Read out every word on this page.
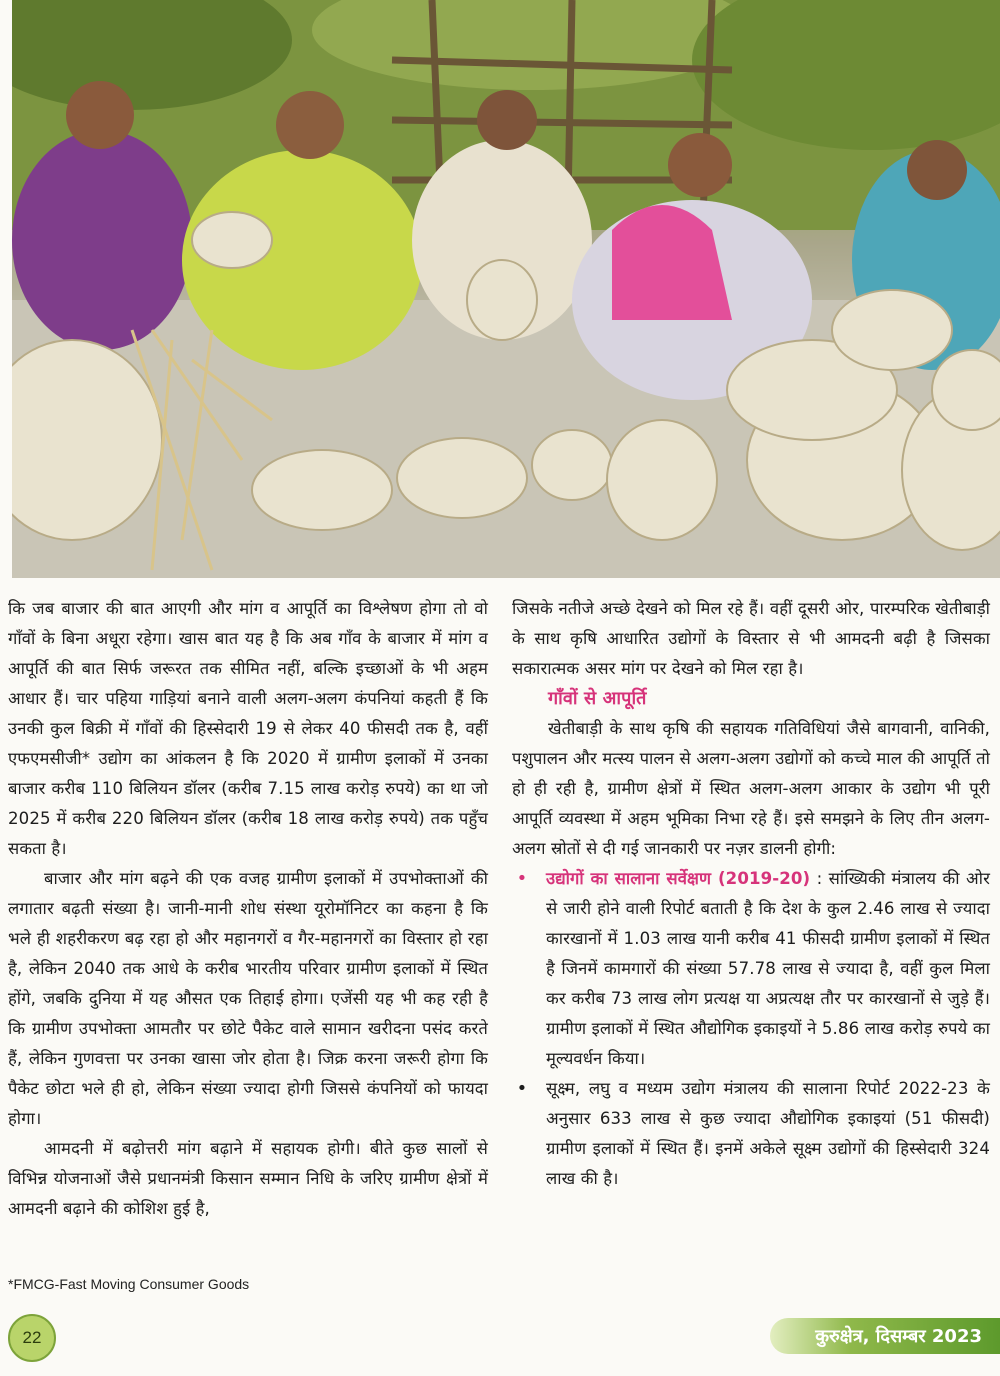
कि जब बाजार की बात आएगी और मांग व आपूर्ति का विश्लेषण होगा तो वो गाँवों के बिना अधूरा रहेगा। खास बात यह है कि अब गाँव के बाजार में मांग व आपूर्ति की बात सिर्फ जरूरत तक सीमित नहीं, बल्कि इच्छाओं के भी अहम आधार हैं। चार पहिया गाड़ियां बनाने वाली अलग-अलग कंपनियां कहती हैं कि उनकी कुल बिक्री में गाँवों की हिस्सेदारी 19 से लेकर 40 फीसदी तक है, वहीं एफएमसीजी* उद्योग का आंकलन है कि 2020 में ग्रामीण इलाकों में उनका बाजार करीब 110 बिलियन डॉलर (करीब 7.15 लाख करोड़ रुपये) का था जो 2025 में करीब 220 बिलियन डॉलर (करीब 18 लाख करोड़ रुपये) तक पहुँच सकता है।

बाजार और मांग बढ़ने की एक वजह ग्रामीण इलाकों में उपभोक्ताओं की लगातार बढ़ती संख्या है। जानी-मानी शोध संस्था यूरोमॉनिटर का कहना है कि भले ही शहरीकरण बढ़ रहा हो और महानगरों व गैर-महानगरों का विस्तार हो रहा है, लेकिन 2040 तक आधे के करीब भारतीय परिवार ग्रामीण इलाकों में स्थित होंगे, जबकि दुनिया में यह औसत एक तिहाई होगा। एजेंसी यह भी कह रही है कि ग्रामीण उपभोक्ता आमतौर पर छोटे पैकेट वाले सामान खरीदना पसंद करते हैं, लेकिन गुणवत्ता पर उनका खासा जोर होता है। जिक्र करना जरूरी होगा कि पैकेट छोटा भले ही हो, लेकिन संख्या ज्यादा होगी जिससे कंपनियों को फायदा होगा।

आमदनी में बढ़ोत्तरी मांग बढ़ाने में सहायक होगी। बीते कुछ सालों से विभिन्न योजनाओं जैसे प्रधानमंत्री किसान सम्मान निधि के जरिए ग्रामीण क्षेत्रों में आमदनी बढ़ाने की कोशिश हुई है,

*FMCG-Fast Moving Consumer Goods

जिसके नतीजे अच्छे देखने को मिल रहे हैं। वहीं दूसरी ओर, पारम्परिक खेतीबाड़ी के साथ कृषि आधारित उद्योगों के विस्तार से भी आमदनी बढ़ी है जिसका सकारात्मक असर मांग पर देखने को मिल रहा है।

गाँवों से आपूर्ति

खेतीबाड़ी के साथ कृषि की सहायक गतिविधियां जैसे बागवानी, वानिकी, पशुपालन और मत्स्य पालन से अलग-अलग उद्योगों को कच्चे माल की आपूर्ति तो हो ही रही है, ग्रामीण क्षेत्रों में स्थित अलग-अलग आकार के उद्योग भी पूरी आपूर्ति व्यवस्था में अहम भूमिका निभा रहे हैं। इसे समझने के लिए तीन अलग-अलग स्रोतों से दी गई जानकारी पर नज़र डालनी होगी:

• उद्योगों का सालाना सर्वेक्षण (2019-20) : सांख्यिकी मंत्रालय की ओर से जारी होने वाली रिपोर्ट बताती है कि देश के कुल 2.46 लाख से ज्यादा कारखानों में 1.03 लाख यानी करीब 41 फीसदी ग्रामीण इलाकों में स्थित है जिनमें कामगारों की संख्या 57.78 लाख से ज्यादा है, वहीं कुल मिला कर करीब 73 लाख लोग प्रत्यक्ष या अप्रत्यक्ष तौर पर कारखानों से जुड़े हैं। ग्रामीण इलाकों में स्थित औद्योगिक इकाइयों ने 5.86 लाख करोड़ रुपये का मूल्यवर्धन किया।
• सूक्ष्म, लघु व मध्यम उद्योग मंत्रालय की सालाना रिपोर्ट 2022-23 के अनुसार 633 लाख से कुछ ज्यादा औद्योगिक इकाइयां (51 फीसदी) ग्रामीण इलाकों में स्थित हैं। इनमें अकेले सूक्ष्म उद्योगों की हिस्सेदारी 324 लाख की है।
22	कुरुक्षेत्र, दिसम्बर 2023
